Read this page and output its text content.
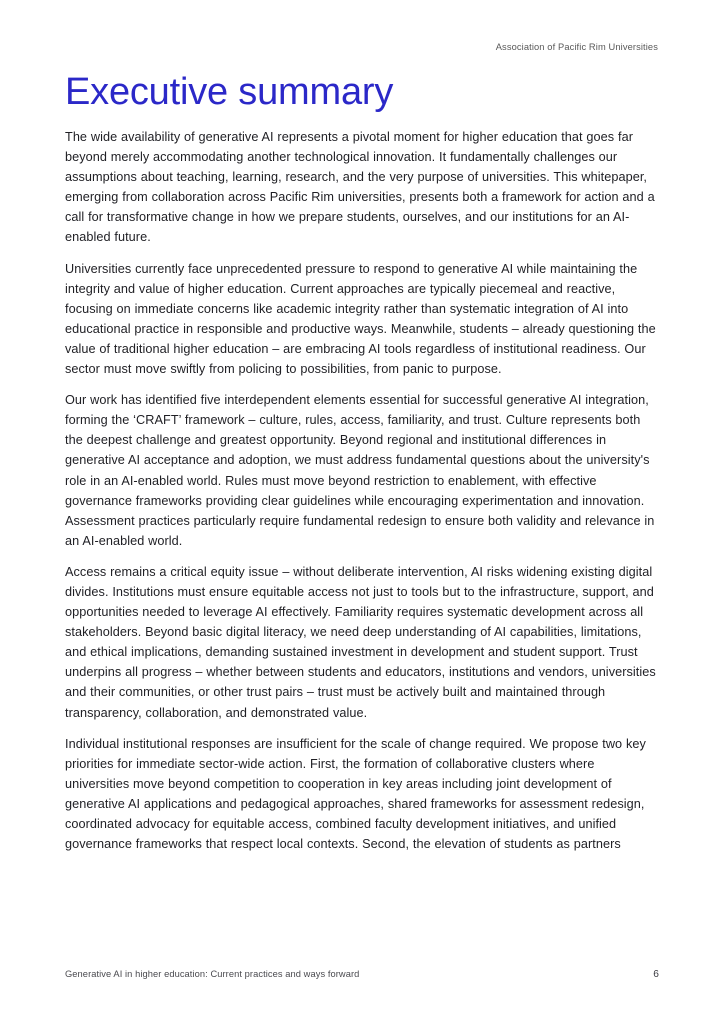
Association of Pacific Rim Universities
Executive summary

The wide availability of generative AI represents a pivotal moment for higher education that goes far beyond merely accommodating another technological innovation. It fundamentally challenges our assumptions about teaching, learning, research, and the very purpose of universities. This whitepaper, emerging from collaboration across Pacific Rim universities, presents both a framework for action and a call for transformative change in how we prepare students, ourselves, and our institutions for an AI-enabled future.

Universities currently face unprecedented pressure to respond to generative AI while maintaining the integrity and value of higher education. Current approaches are typically piecemeal and reactive, focusing on immediate concerns like academic integrity rather than systematic integration of AI into educational practice in responsible and productive ways. Meanwhile, students – already questioning the value of traditional higher education – are embracing AI tools regardless of institutional readiness. Our sector must move swiftly from policing to possibilities, from panic to purpose.

Our work has identified five interdependent elements essential for successful generative AI integration, forming the ‘CRAFT’ framework – culture, rules, access, familiarity, and trust. Culture represents both the deepest challenge and greatest opportunity. Beyond regional and institutional differences in generative AI acceptance and adoption, we must address fundamental questions about the university's role in an AI-enabled world. Rules must move beyond restriction to enablement, with effective governance frameworks providing clear guidelines while encouraging experimentation and innovation. Assessment practices particularly require fundamental redesign to ensure both validity and relevance in an AI-enabled world.

Access remains a critical equity issue – without deliberate intervention, AI risks widening existing digital divides. Institutions must ensure equitable access not just to tools but to the infrastructure, support, and opportunities needed to leverage AI effectively. Familiarity requires systematic development across all stakeholders. Beyond basic digital literacy, we need deep understanding of AI capabilities, limitations, and ethical implications, demanding sustained investment in development and student support. Trust underpins all progress – whether between students and educators, institutions and vendors, universities and their communities, or other trust pairs – trust must be actively built and maintained through transparency, collaboration, and demonstrated value.

Individual institutional responses are insufficient for the scale of change required. We propose two key priorities for immediate sector-wide action. First, the formation of collaborative clusters where universities move beyond competition to cooperation in key areas including joint development of generative AI applications and pedagogical approaches, shared frameworks for assessment redesign, coordinated advocacy for equitable access, combined faculty development initiatives, and unified governance frameworks that respect local contexts. Second, the elevation of students as partners

Generative AI in higher education: Current practices and ways forward	6
